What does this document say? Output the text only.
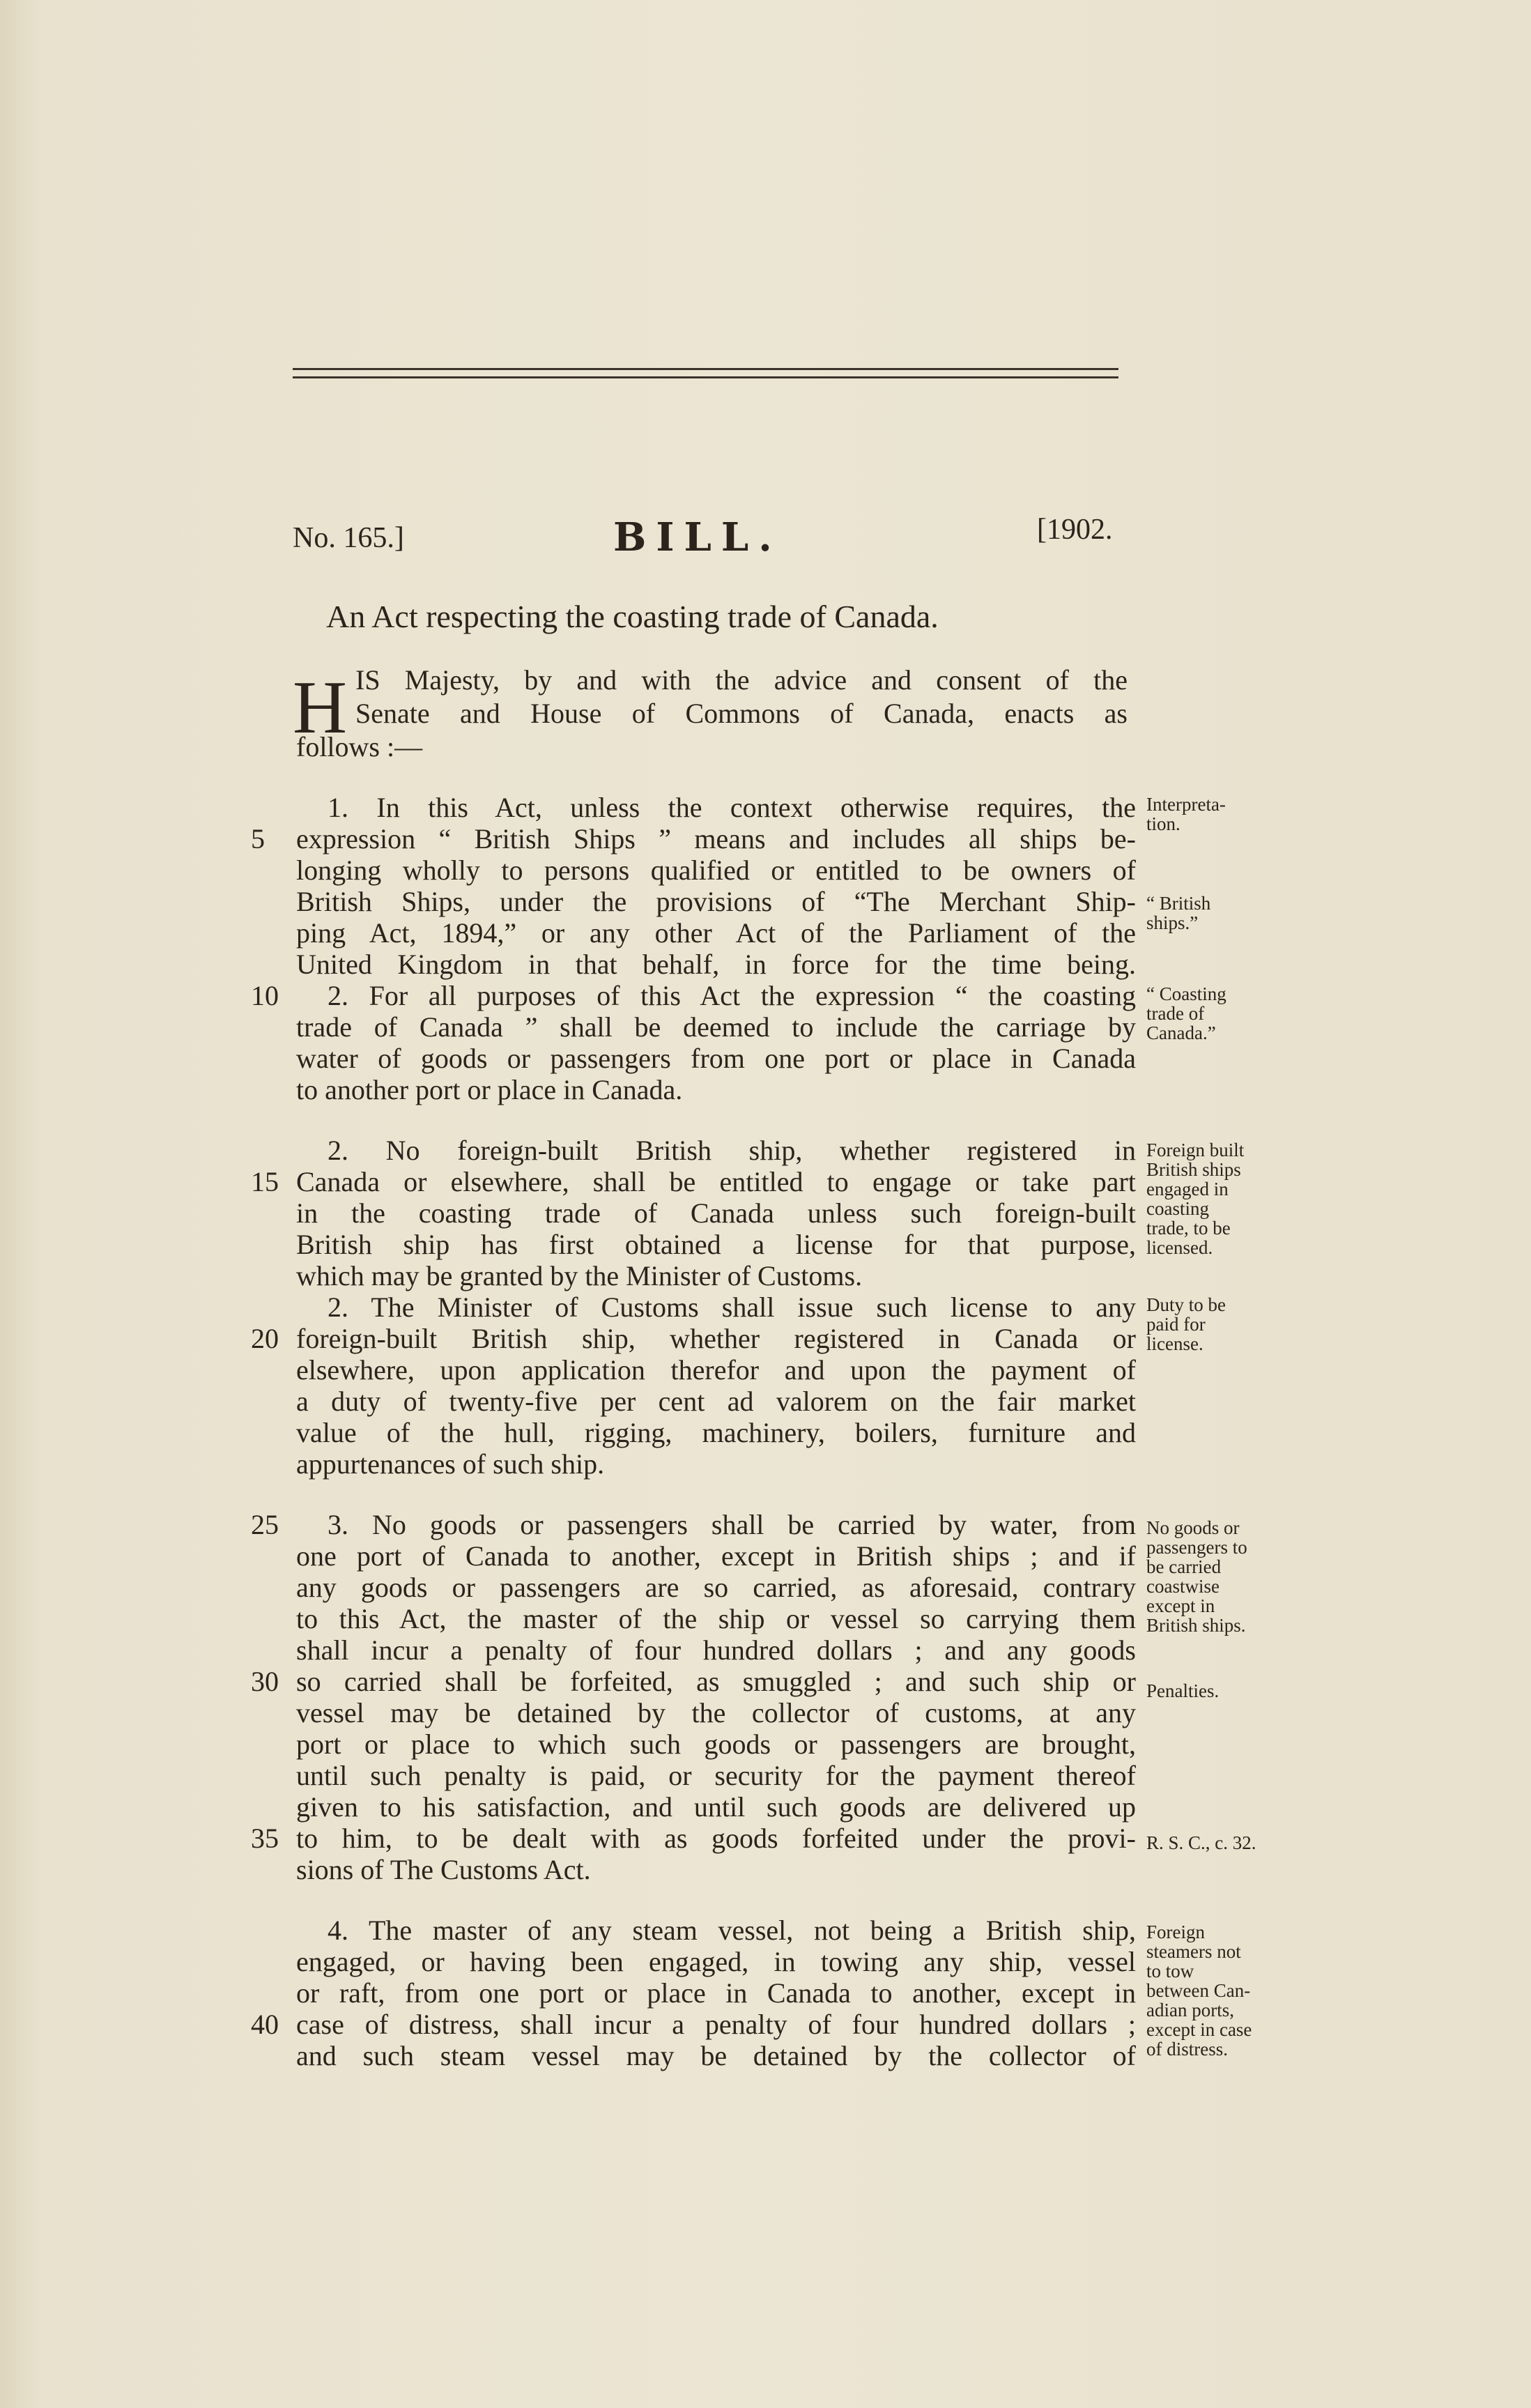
No. 165.]	BILL.	[1902.
An Act respecting the coasting trade of Canada.
H IS Majesty, by and with the advice and consent of the
Senate and House of Commons of Canada, enacts as
follows :—
1. In this Act, unless the context otherwise requires, the
expression “ British Ships ” means and includes all ships be-
longing wholly to persons qualified or entitled to be owners of
British Ships, under the provisions of “The Merchant Ship-
ping Act, 1894,” or any other Act of the Parliament of the
United Kingdom in that behalf, in force for the time being.
2. For all purposes of this Act the expression “ the coasting
trade of Canada ” shall be deemed to include the carriage by
water of goods or passengers from one port or place in Canada
to another port or place in Canada.
2. No foreign-built British ship, whether registered in
Canada or elsewhere, shall be entitled to engage or take part
in the coasting trade of Canada unless such foreign-built
British ship has first obtained a license for that purpose,
which may be granted by the Minister of Customs.
2. The Minister of Customs shall issue such license to any
foreign-built British ship, whether registered in Canada or
elsewhere, upon application therefor and upon the payment of
a duty of twenty-five per cent ad valorem on the fair market
value of the hull, rigging, machinery, boilers, furniture and
appurtenances of such ship.
3. No goods or passengers shall be carried by water, from
one port of Canada to another, except in British ships ; and if
any goods or passengers are so carried, as aforesaid, contrary
to this Act, the master of the ship or vessel so carrying them
shall incur a penalty of four hundred dollars ; and any goods
so carried shall be forfeited, as smuggled ; and such ship or
vessel may be detained by the collector of customs, at any
port or place to which such goods or passengers are brought,
until such penalty is paid, or security for the payment thereof
given to his satisfaction, and until such goods are delivered up
to him, to be dealt with as goods forfeited under the provi-
sions of The Customs Act.
4. The master of any steam vessel, not being a British ship,
engaged, or having been engaged, in towing any ship, vessel
or raft, from one port or place in Canada to another, except in
case of distress, shall incur a penalty of four hundred dollars ;
and such steam vessel may be detained by the collector of
5
10
15
20
25
30
35
40
Interpreta-
tion.
“ British
ships.”
“ Coasting
trade of
Canada.”
Foreign built
British ships
engaged in
coasting
trade, to be
licensed.
Duty to be
paid for
license.
No goods or
passengers to
be carried
coastwise
except in
British ships.
Penalties.
R. S. C., c. 32.
Foreign
steamers not
to tow
between Can-
adian ports,
except in case
of distress.
